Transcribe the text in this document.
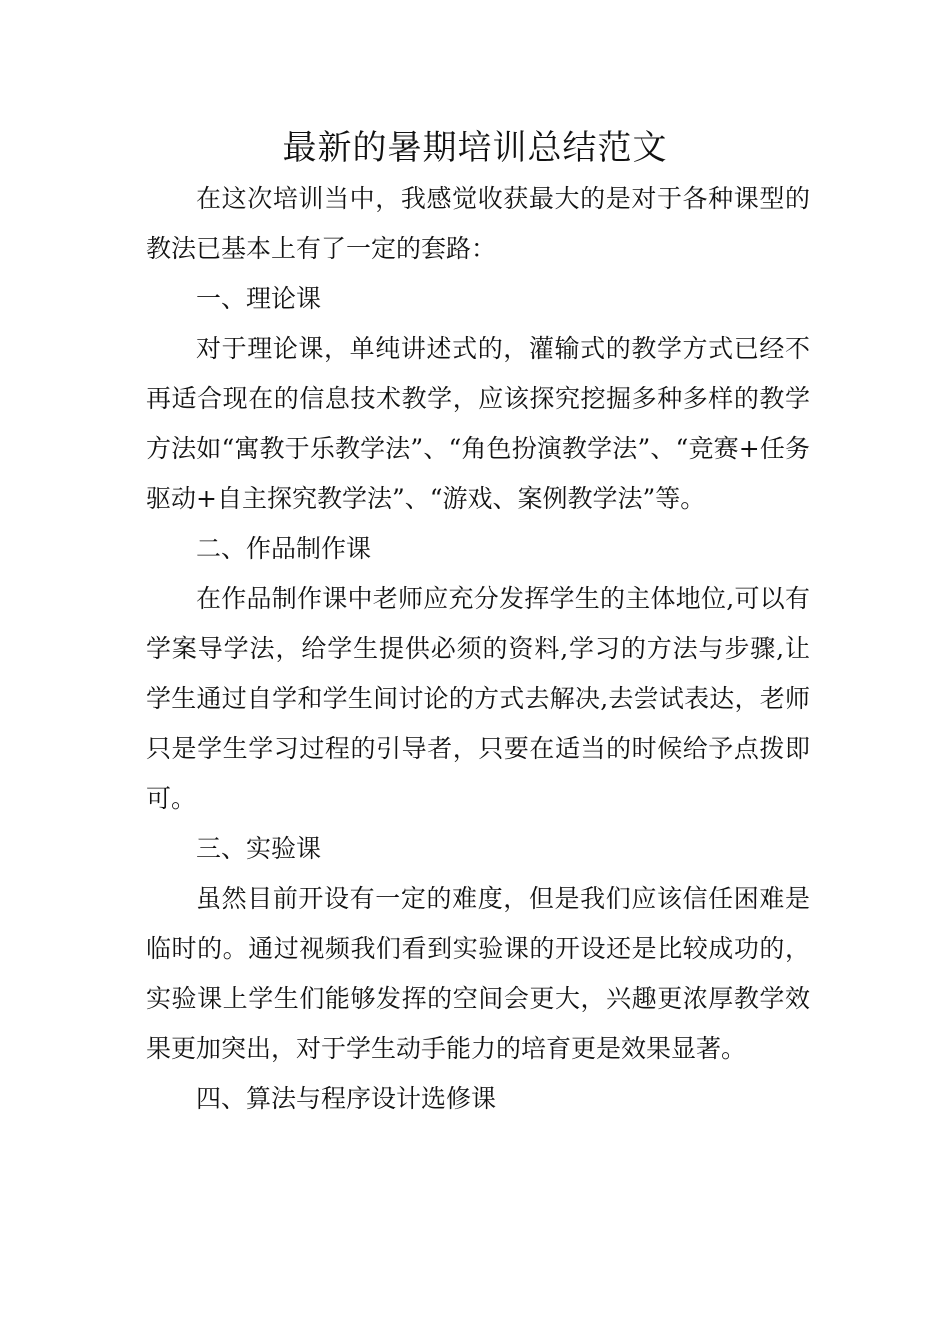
最新的暑期培训总结范文

在这次培训当中，我感觉收获最大的是对于各种课型的教法已基本上有了一定的套路：

一、理论课

对于理论课，单纯讲述式的，灌输式的教学方式已经不再适合现在的信息技术教学，应该探究挖掘多种多样的教学方法如“寓教于乐教学法”、“角色扮演教学法”、“竞赛+任务驱动+自主探究教学法”、“游戏、案例教学法”等。

二、作品制作课

在作品制作课中老师应充分发挥学生的主体地位,可以有学案导学法，给学生提供必须的资料,学习的方法与步骤,让学生通过自学和学生间讨论的方式去解决,去尝试表达，老师只是学生学习过程的引导者，只要在适当的时候给予点拨即可。

三、实验课

虽然目前开设有一定的难度，但是我们应该信任困难是临时的。通过视频我们看到实验课的开设还是比较成功的，实验课上学生们能够发挥的空间会更大，兴趣更浓厚教学效果更加突出，对于学生动手能力的培育更是效果显著。

四、算法与程序设计选修课
